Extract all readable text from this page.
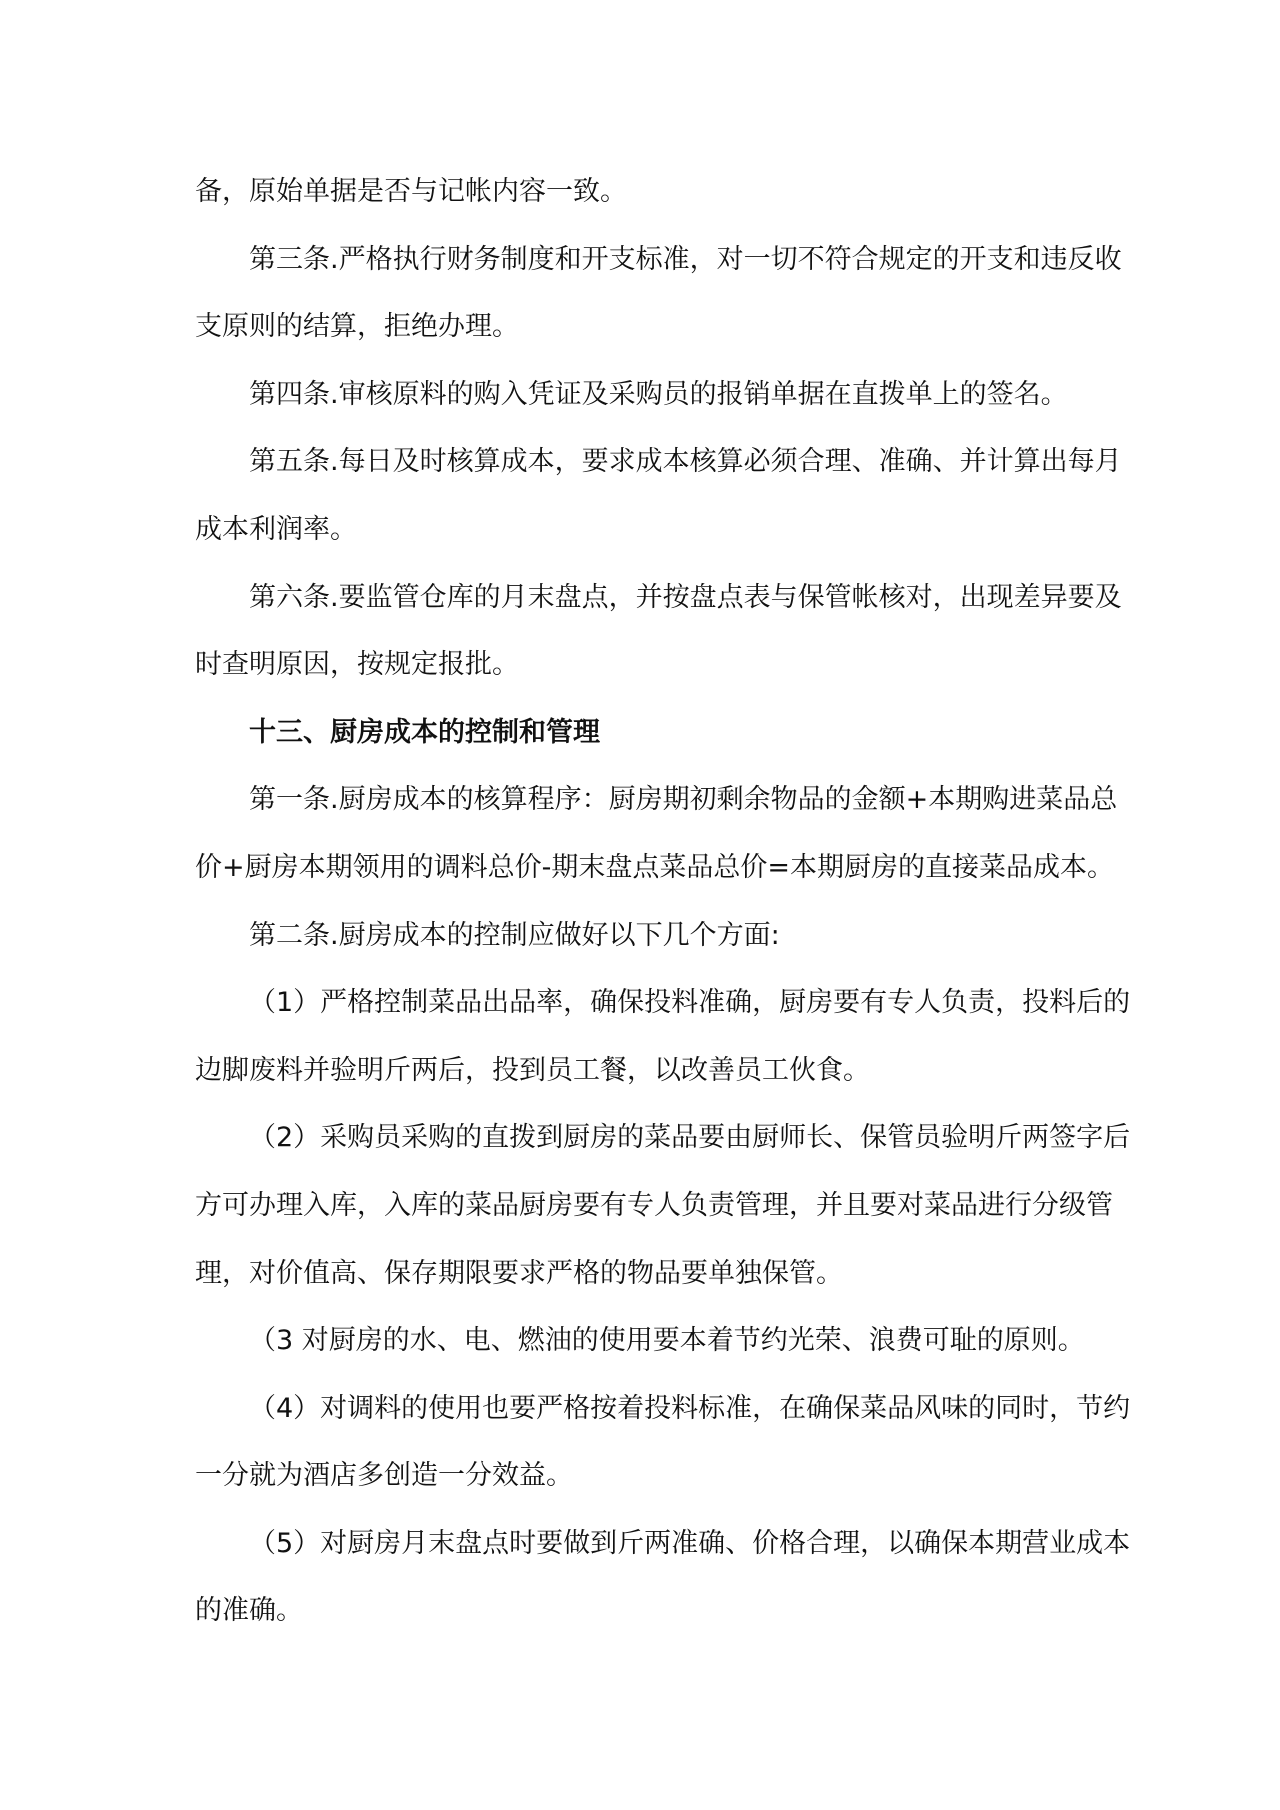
备，原始单据是否与记帐内容一致。
第三条.严格执行财务制度和开支标准，对一切不符合规定的开支和违反收
支原则的结算，拒绝办理。
第四条.审核原料的购入凭证及采购员的报销单据在直拨单上的签名。
第五条.每日及时核算成本，要求成本核算必须合理、准确、并计算出每月
成本利润率。
第六条.要监管仓库的月末盘点，并按盘点表与保管帐核对，出现差异要及
时查明原因，按规定报批。
十三、厨房成本的控制和管理
第一条.厨房成本的核算程序：厨房期初剩余物品的金额+本期购进菜品总
价+厨房本期领用的调料总价-期末盘点菜品总价=本期厨房的直接菜品成本。
第二条.厨房成本的控制应做好以下几个方面:
（1）严格控制菜品出品率，确保投料准确，厨房要有专人负责，投料后的
边脚废料并验明斤两后，投到员工餐，以改善员工伙食。
（2）采购员采购的直拨到厨房的菜品要由厨师长、保管员验明斤两签字后
方可办理入库，入库的菜品厨房要有专人负责管理，并且要对菜品进行分级管
理，对价值高、保存期限要求严格的物品要单独保管。
（3 对厨房的水、电、燃油的使用要本着节约光荣、浪费可耻的原则。
（4）对调料的使用也要严格按着投料标准，在确保菜品风味的同时，节约
一分就为酒店多创造一分效益。
（5）对厨房月末盘点时要做到斤两准确、价格合理，以确保本期营业成本
的准确。
